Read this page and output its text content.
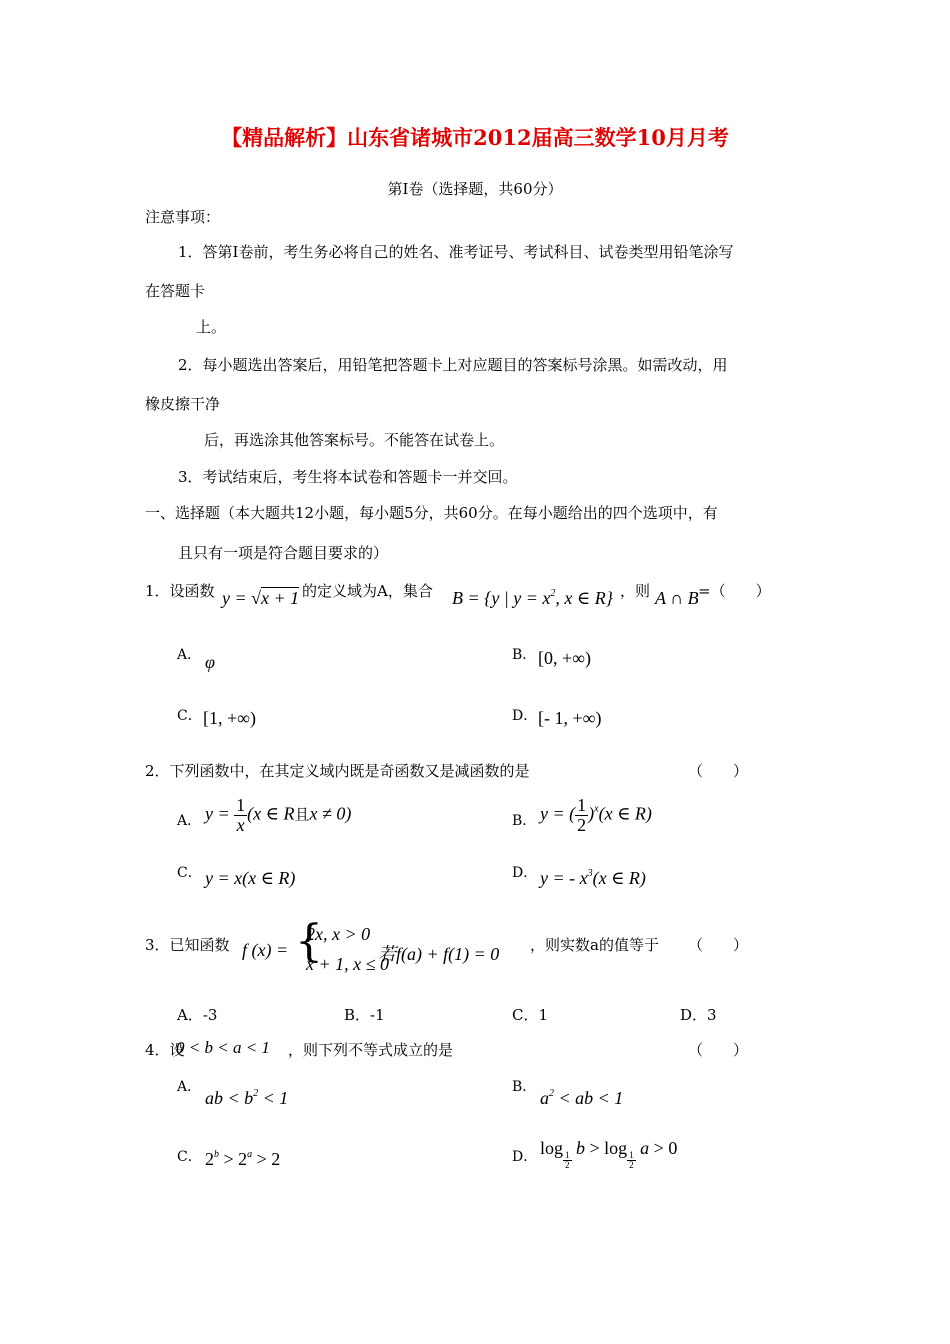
【精品解析】山东省诸城市2012届高三数学10月月考
第Ⅰ卷（选择题，共60分）
注意事项：
1．答第Ⅰ卷前，考生务必将自己的姓名、准考证号、考试科目、试卷类型用铅笔涂写
在答题卡
上。
2．每小题选出答案后，用铅笔把答题卡上对应题目的答案标号涂黑。如需改动，用
橡皮擦干净
后，再选涂其他答案标号。不能答在试卷上。
3．考试结束后，考生将本试卷和答题卡一并交回。
一、选择题（本大题共12小题，每小题5分，共60分。在每小题给出的四个选项中，有
且只有一项是符合题目要求的）
1．设函数 y = √x + 1 的定义域为A，集合 B = {y | $y = x^2$, x ∈ R} ，则 A ∩ B =（　　）
A． φ	B． [0, +∞)
C． [1, +∞)	D． [- 1, +∞)
2．下列函数中，在其定义域内既是奇函数又是减函数的是	（　　）
A． $y = \frac{1}{x} (x$ ∈ R且x ≠ 0)	B． y = ( $\frac{1}{2} )^x(x$ ∈ R)
C． y = x(x ∈ R)	D． y = - $x^3(x$ ∈ R)
3．已知函数 f (x) = {
2x, x > 0
x + 1, x ≤ 0
若f(a) + f(1) = 0 ，则实数a的值等于 （　　）
A．-3	B．-1	C．1	D．3
4．设
0 < b < a < 1 ，则下列不等式成立的是	（　　）
A．
ab < $b^2 < 1$
B．
$a^2$ < ab < 1
C． $2^b > 2^a > 2$	D． log
$\frac{1}{2}$
b > log
$\frac{1}{2}$
a > 0
